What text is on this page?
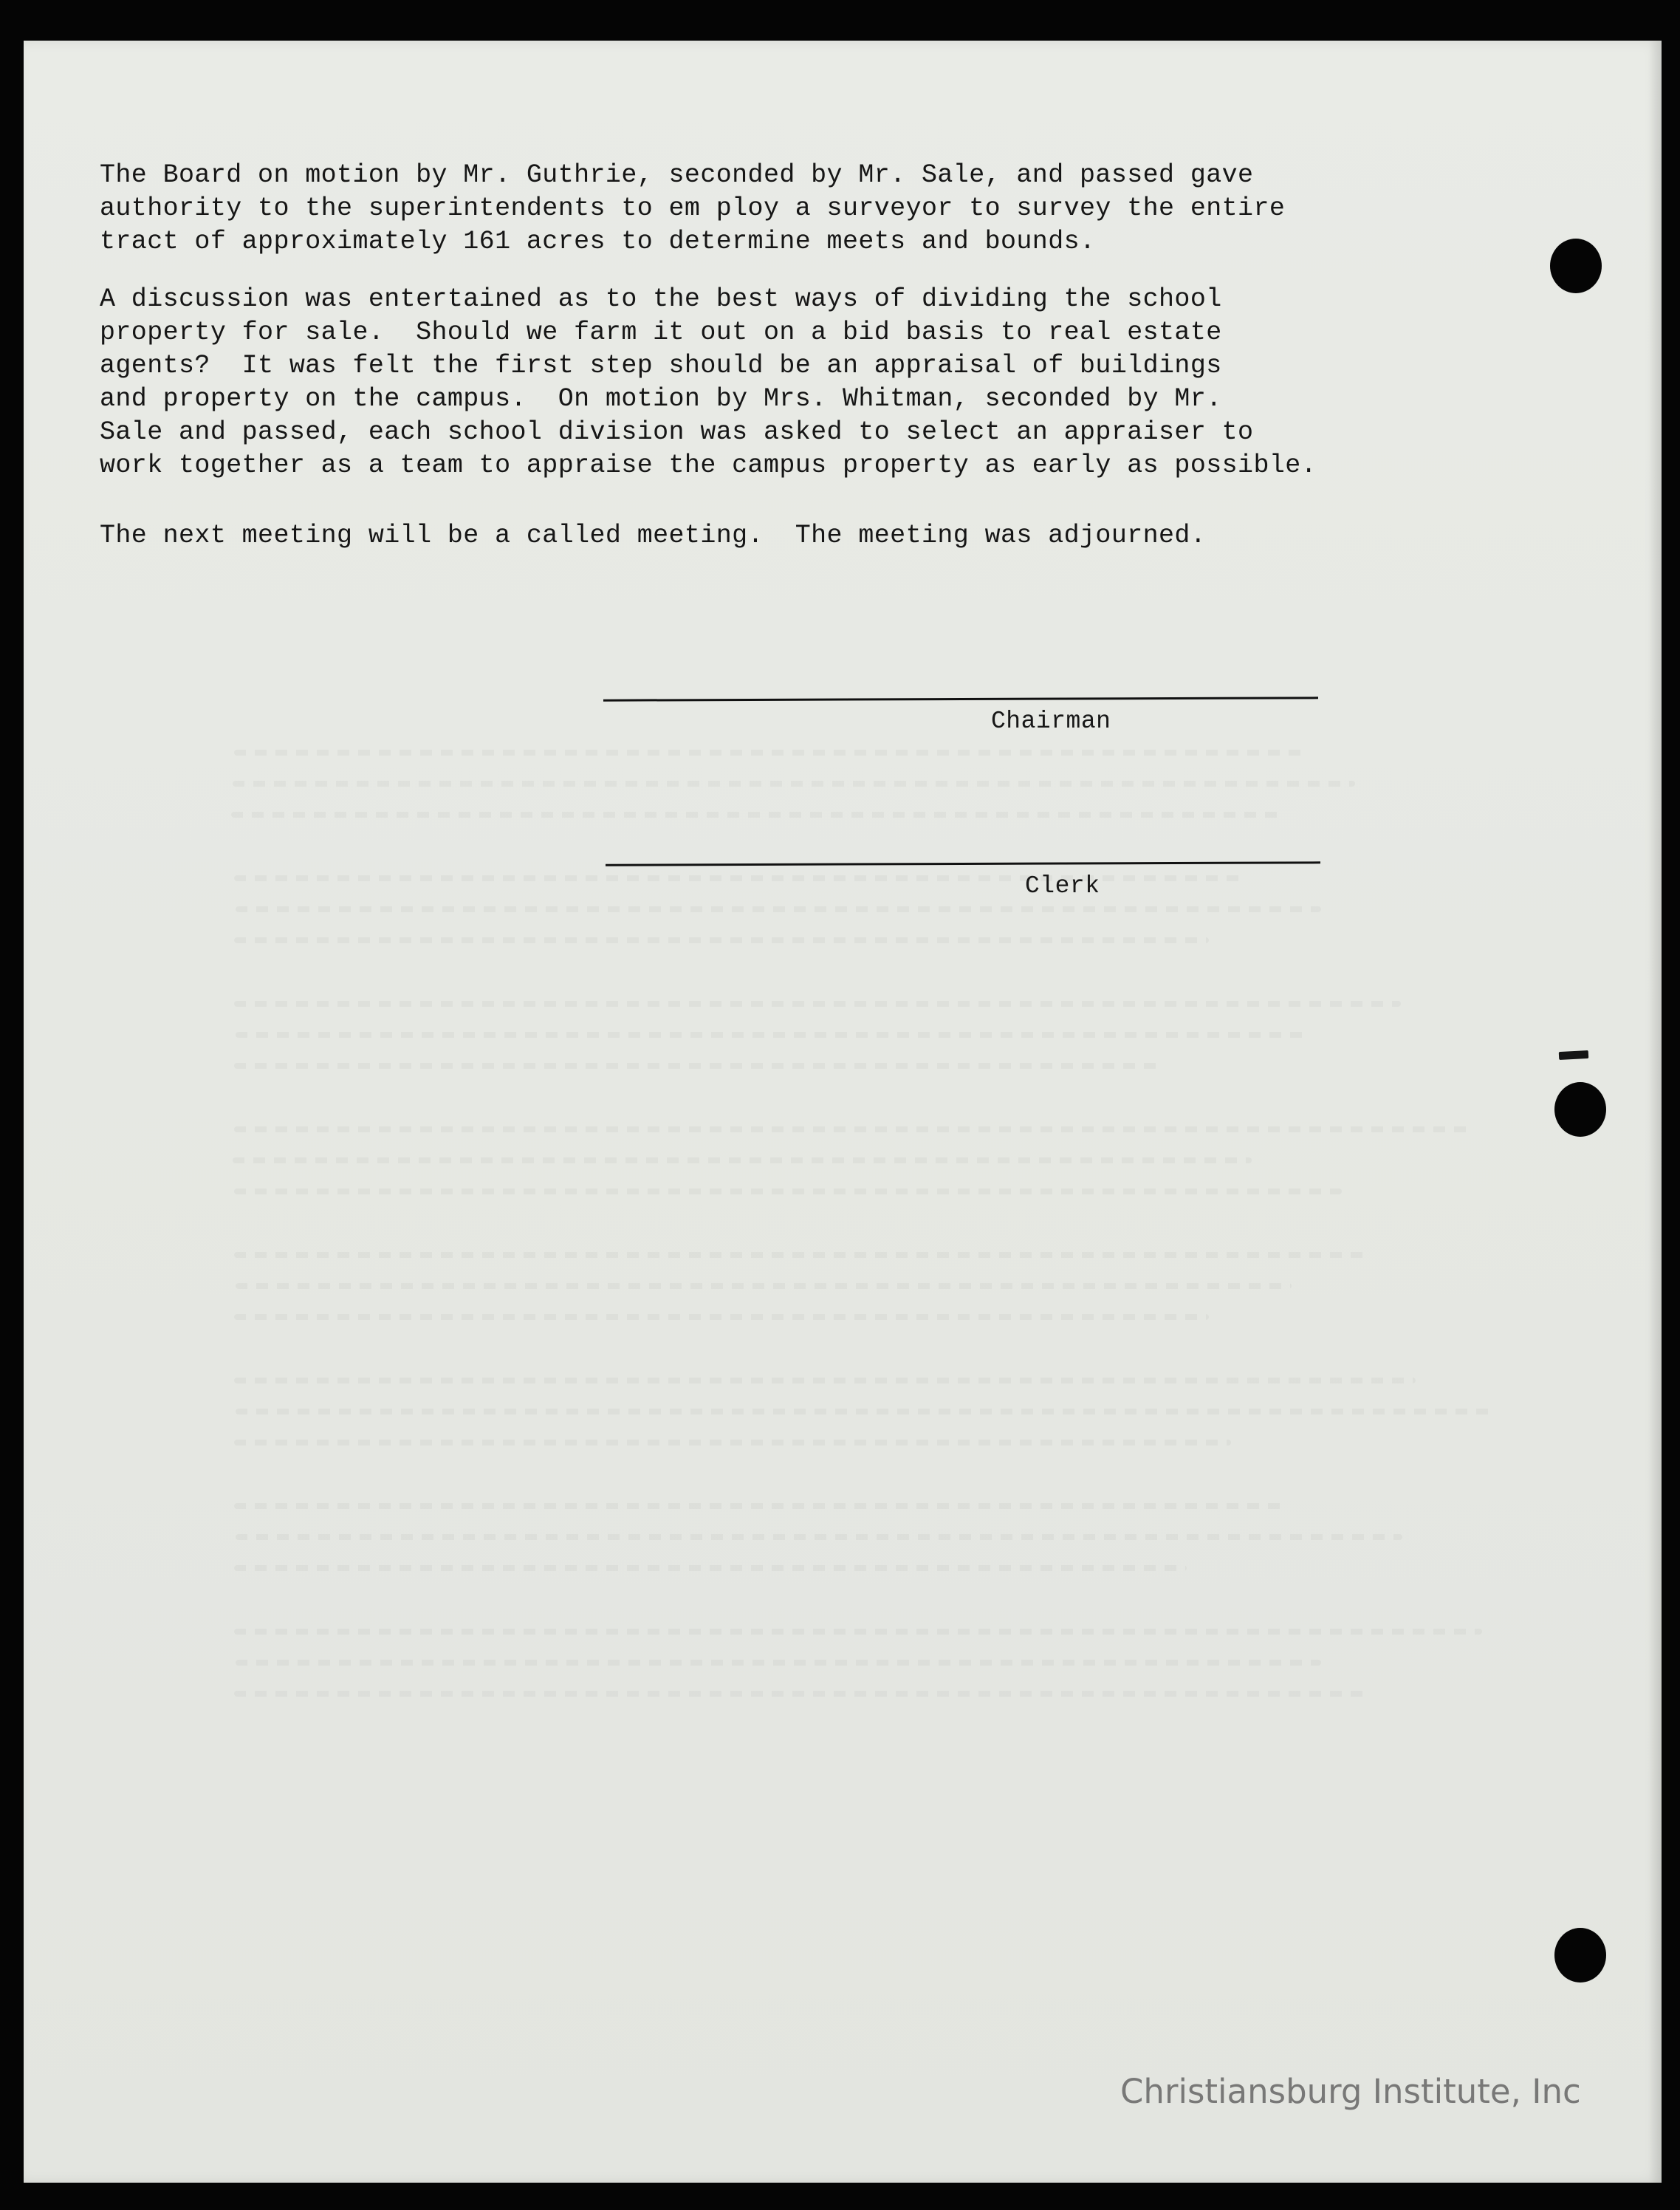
The Board on motion by Mr. Guthrie, seconded by Mr. Sale, and passed gave
authority to the superintendents to em ploy a surveyor to survey the entire
tract of approximately 161 acres to determine meets and bounds.
A discussion was entertained as to the best ways of dividing the school
property for sale.  Should we farm it out on a bid basis to real estate
agents?  It was felt the first step should be an appraisal of buildings
and property on the campus.  On motion by Mrs. Whitman, seconded by Mr.
Sale and passed, each school division was asked to select an appraiser to
work together as a team to appraise the campus property as early as possible.
The next meeting will be a called meeting.  The meeting was adjourned.
Chairman
Clerk
Christiansburg Institute, Inc
